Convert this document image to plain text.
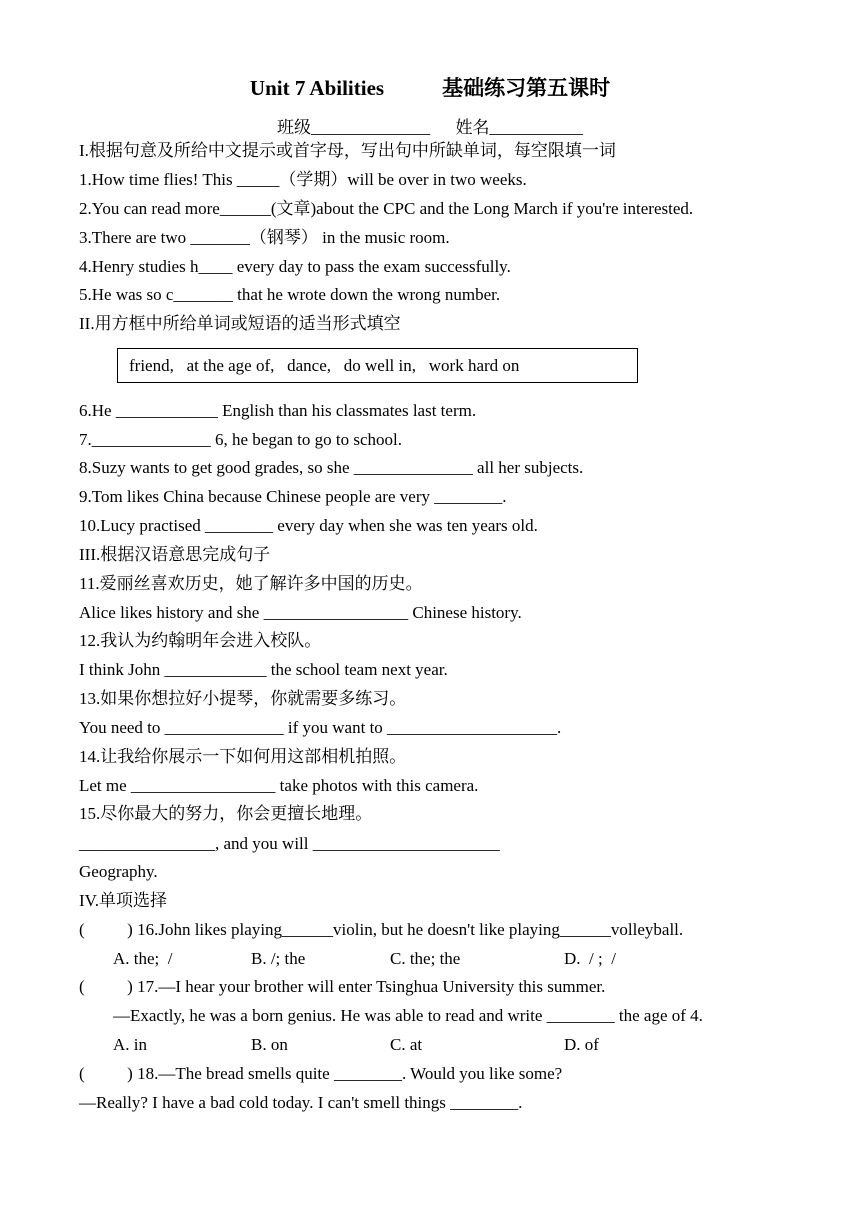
Unit 7 Abilities	基础练习第五课时
班级______________ 姓名___________
I.根据句意及所给中文提示或首字母，写出句中所缺单词，每空限填一词
1.How time flies! This _____（学期）will be over in two weeks.
2.You can read more______(文章)about the CPC and the Long March if you're interested.
3.There are two _______（钢琴） in the music room.
4.Henry studies h____ every day to pass the exam successfully.
5.He was so c_______ that he wrote down the wrong number.
II.用方框中所给单词或短语的适当形式填空
friend,   at the age of,   dance,   do well in,   work hard on
6.He ____________ English than his classmates last term.
7.______________ 6, he began to go to school.
8.Suzy wants to get good grades, so she ______________ all her subjects.
9.Tom likes China because Chinese people are very ________.
10.Lucy practised ________ every day when she was ten years old.
III.根据汉语意思完成句子
11.爱丽丝喜欢历史，她了解许多中国的历史。
Alice likes history and she _________________ Chinese history.
12.我认为约翰明年会进入校队。
I think John ____________ the school team next year.
13.如果你想拉好小提琴，你就需要多练习。
You need to ______________ if you want to ____________________.
14.让我给你展示一下如何用这部相机拍照。
Let me _________________ take photos with this camera.
15.尽你最大的努力，你会更擅长地理。
________________, and you will ______________________
Geography.
IV.单项选择
(          ) 16.John likes playing______violin, but he doesn't like playing______volleyball.
A. the;  /	B. /; the	C. the; the	D.  / ;  /
(          ) 17.—I hear your brother will enter Tsinghua University this summer.
—Exactly, he was a born genius. He was able to read and write ________ the age of 4.
A. in	B. on	C. at	D. of
(          ) 18.—The bread smells quite ________. Would you like some?
—Really? I have a bad cold today. I can't smell things ________.
